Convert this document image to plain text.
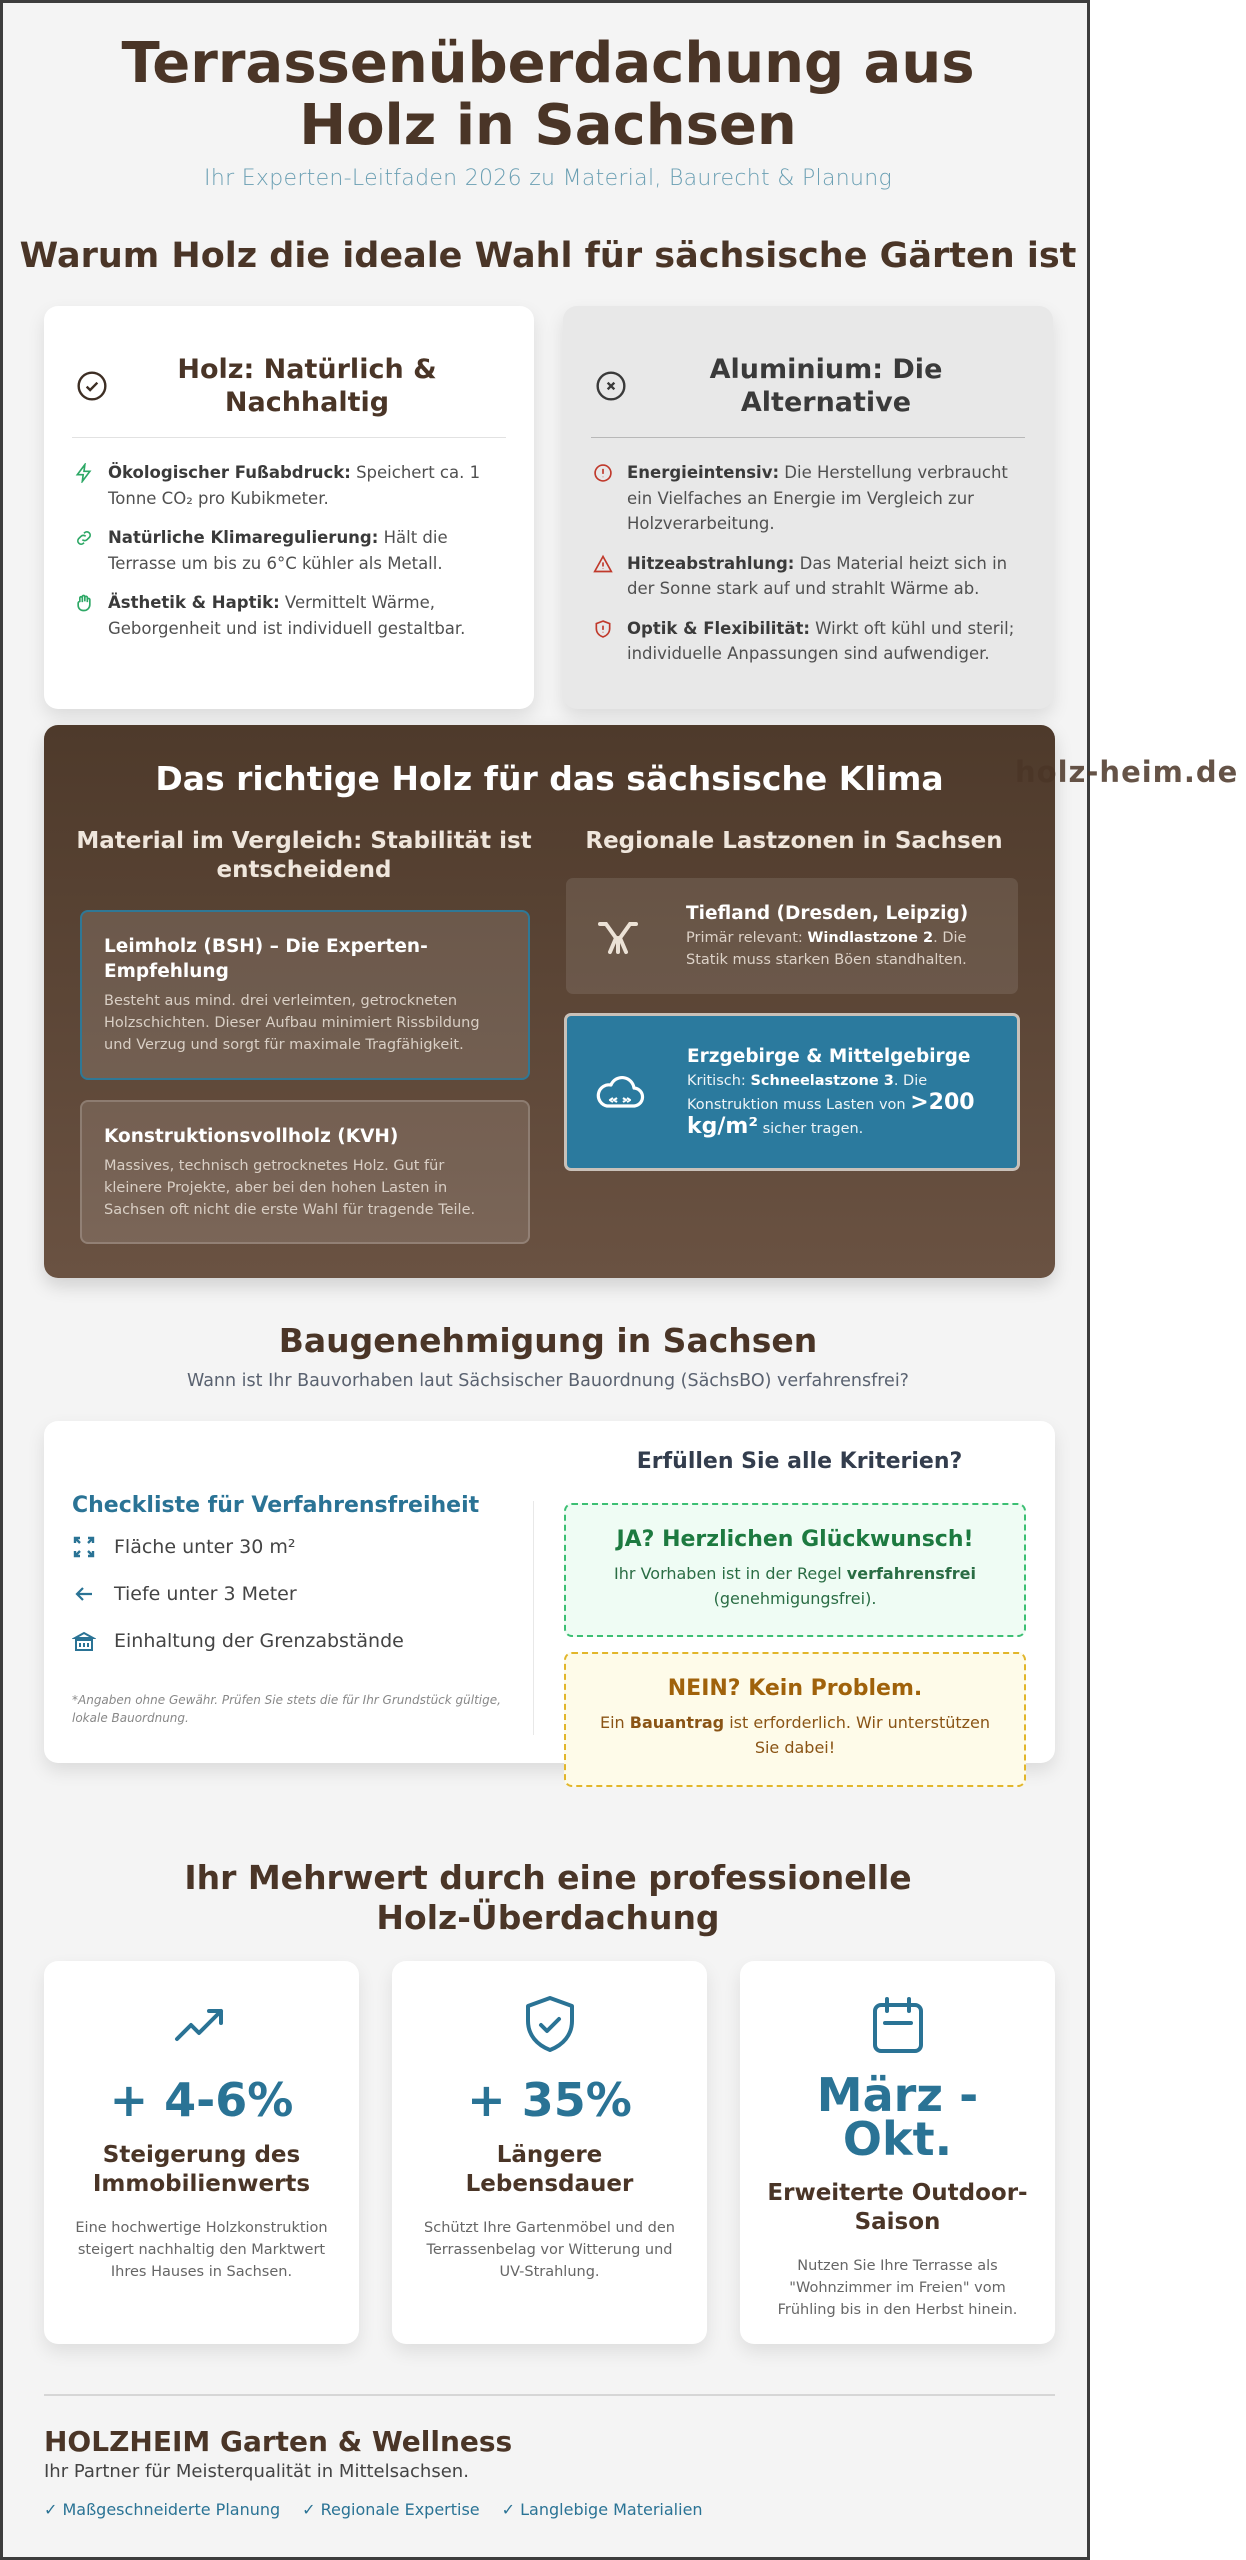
Terrassenüberdachung aus Holz in Sachsen
Ihr Experten-Leitfaden 2026 zu Material, Baurecht & Planung
Warum Holz die ideale Wahl für sächsische Gärten ist
Holz: Natürlich & Nachhaltig
Ökologischer Fußabdruck: Speichert ca. 1 Tonne CO₂ pro Kubikmeter.
Natürliche Klimaregulierung: Hält die Terrasse um bis zu 6°C kühler als Metall.
Ästhetik & Haptik: Vermittelt Wärme, Geborgenheit und ist individuell gestaltbar.
Aluminium: Die Alternative
Energieintensiv: Die Herstellung verbraucht ein Vielfaches an Energie im Vergleich zur Holzverarbeitung.
Hitzeabstrahlung: Das Material heizt sich in der Sonne stark auf und strahlt Wärme ab.
Optik & Flexibilität: Wirkt oft kühl und steril; individuelle Anpassungen sind aufwendiger.
Das richtige Holz für das sächsische Klima
Material im Vergleich: Stabilität ist entscheidend
Regionale Lastzonen in Sachsen
Leimholz (BSH) – Die Experten-Empfehlung

Besteht aus mind. drei verleimten, getrockneten Holzschichten. Dieser Aufbau minimiert Rissbildung und Verzug und sorgt für maximale Tragfähigkeit.

Konstruktionsvollholz (KVH)

Massives, technisch getrocknetes Holz. Gut für kleinere Projekte, aber bei den hohen Lasten in Sachsen oft nicht die erste Wahl für tragende Teile.

Tiefland (Dresden, Leipzig)

Primär relevant: Windlastzone 2. Die Statik muss starken Böen standhalten.

Erzgebirge & Mittelgebirge

Kritisch: Schneelastzone 3. Die Konstruktion muss Lasten von >200 kg/m² sicher tragen.

Baugenehmigung in Sachsen
Wann ist Ihr Bauvorhaben laut Sächsischer Bauordnung (SächsBO) verfahrensfrei?
Checkliste für Verfahrensfreiheit
Fläche unter 30 m²
Tiefe unter 3 Meter
Einhaltung der Grenzabstände
*Angaben ohne Gewähr. Prüfen Sie stets die für Ihr Grundstück gültige, lokale Bauordnung.
Erfüllen Sie alle Kriterien?
JA? Herzlichen Glückwunsch!

Ihr Vorhaben ist in der Regel verfahrensfrei (genehmigungsfrei).

NEIN? Kein Problem.

Ein Bauantrag ist erforderlich. Wir unterstützen Sie dabei!

Ihr Mehrwert durch eine professionelle Holz-Überdachung
+ 4-6%
Steigerung des Immobilienwerts
Eine hochwertige Holzkonstruktion steigert nachhaltig den Marktwert Ihres Hauses in Sachsen.
+ 35%
Längere Lebensdauer
Schützt Ihre Gartenmöbel und den Terrassenbelag vor Witterung und UV-Strahlung.
März - Okt.
Erweiterte Outdoor-Saison
Nutzen Sie Ihre Terrasse als "Wohnzimmer im Freien" vom Frühling bis in den Herbst hinein.
HOLZHEIM Garten & Wellness
Ihr Partner für Meisterqualität in Mittelsachsen.
✓ Maßgeschneiderte Planung ✓ Regionale Expertise ✓ Langlebige Materialien
holz-heim.de
